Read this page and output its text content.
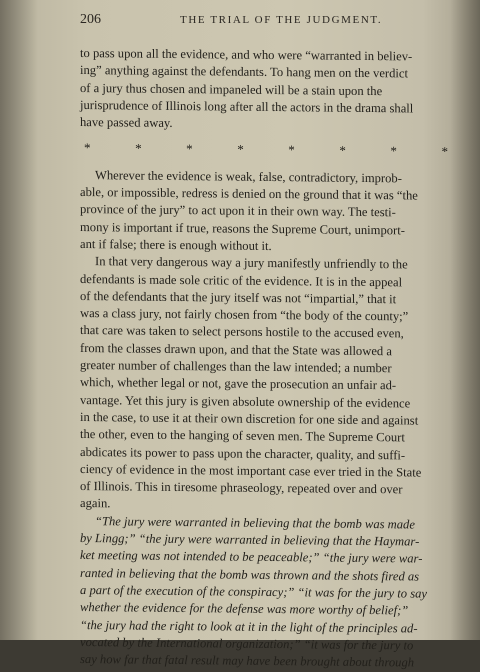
206	THE TRIAL OF THE JUDGMENT.
to pass upon all the evidence, and who were “warranted in believ-
ing” anything against the defendants. To hang men on the verdict
of a jury thus chosen and impaneled will be a stain upon the
jurisprudence of Illinois long after all the actors in the drama shall
have passed away.
*	*	*	*	*	*	*	*
Wherever the evidence is weak, false, contradictory, improb-
able, or impossible, redress is denied on the ground that it was “the
province of the jury” to act upon it in their own way. The testi-
mony is important if true, reasons the Supreme Court, unimport-
ant if false; there is enough without it.
In that very dangerous way a jury manifestly unfriendly to the
defendants is made sole critic of the evidence. It is in the appeal
of the defendants that the jury itself was not “impartial,” that it
was a class jury, not fairly chosen from “the body of the county;”
that care was taken to select persons hostile to the accused even,
from the classes drawn upon, and that the State was allowed a
greater number of challenges than the law intended; a number
which, whether legal or not, gave the prosecution an unfair ad-
vantage. Yet this jury is given absolute ownership of the evidence
in the case, to use it at their own discretion for one side and against
the other, even to the hanging of seven men. The Supreme Court
abdicates its power to pass upon the character, quality, and suffi-
ciency of evidence in the most important case ever tried in the State
of Illinois. This in tiresome phraseology, repeated over and over
again.
“The jury were warranted in believing that the bomb was made
by Lingg;” “the jury were warranted in believing that the Haymar-
ket meeting was not intended to be peaceable;” “the jury were war-
ranted in believing that the bomb was thrown and the shots fired as
a part of the execution of the conspiracy;” “it was for the jury to say
whether the evidence for the defense was more worthy of belief;”
“the jury had the right to look at it in the light of the principles ad-
vocated by the International organization;” “it was for the jury to
say how far that fatal result may have been brought about through
